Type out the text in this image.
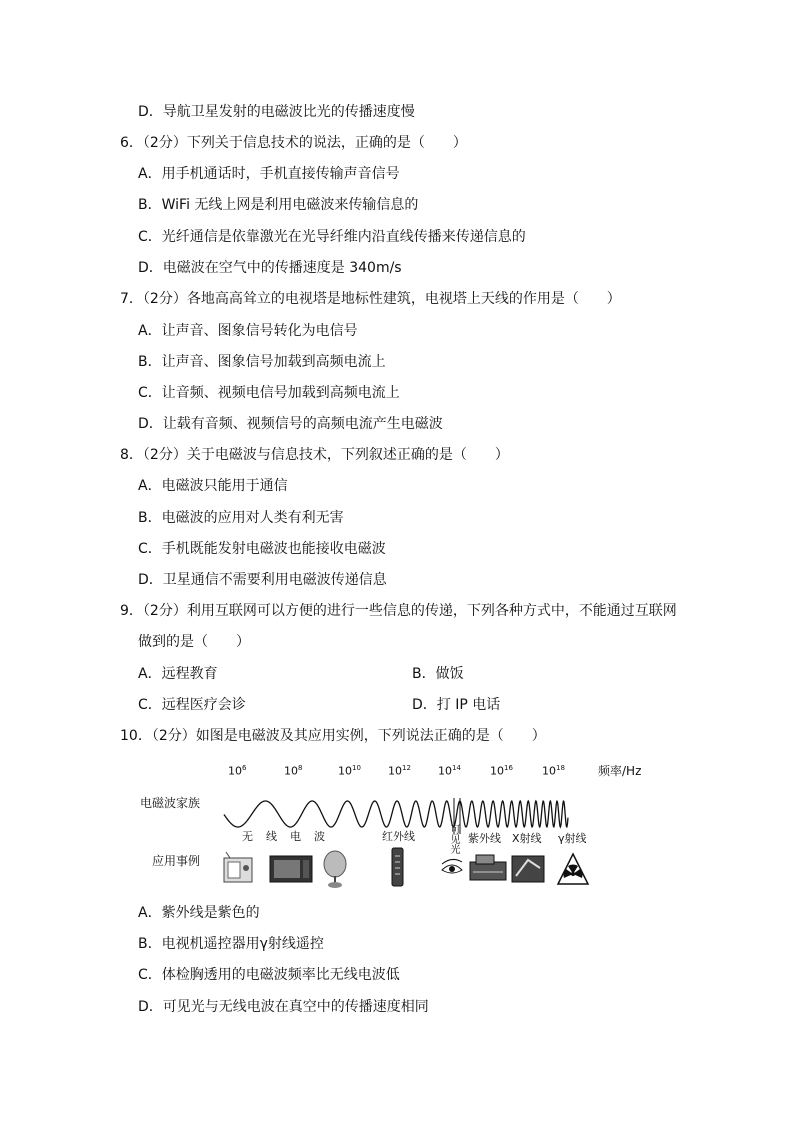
D．导航卫星发射的电磁波比光的传播速度慢
6．（2分）下列关于信息技术的说法，正确的是（　　）
A．用手机通话时，手机直接传输声音信号
B．WiFi 无线上网是利用电磁波来传输信息的
C．光纤通信是依靠激光在光导纤维内沿直线传播来传递信息的
D．电磁波在空气中的传播速度是 340m/s
7．（2分）各地高高耸立的电视塔是地标性建筑，电视塔上天线的作用是（　　）
A．让声音、图象信号转化为电信号
B．让声音、图象信号加载到高频电流上
C．让音频、视频电信号加载到高频电流上
D．让载有音频、视频信号的高频电流产生电磁波
8．（2分）关于电磁波与信息技术，下列叙述正确的是（　　）
A．电磁波只能用于通信
B．电磁波的应用对人类有利无害
C．手机既能发射电磁波也能接收电磁波
D．卫星通信不需要利用电磁波传递信息
9．（2分）利用互联网可以方便的进行一些信息的传递，下列各种方式中，不能通过互联网
做到的是（　　）
A．远程教育	B．做饭
C．远程医疗会诊	D．打 IP 电话
10．（2分）如图是电磁波及其应用实例，下列说法正确的是（　　）
$10^6$	$10^8$	$10^{10}$ $10^{12}$ $10^{14}$	$10^{16}$	$10^{18}$	频率/Hz
电磁波家族
应用事例
无　线　电　波	红外线	可见光 紫外线 X射线 γ射线
A．紫外线是紫色的
B．电视机遥控器用γ射线遥控
C．体检胸透用的电磁波频率比无线电波低
D．可见光与无线电波在真空中的传播速度相同
